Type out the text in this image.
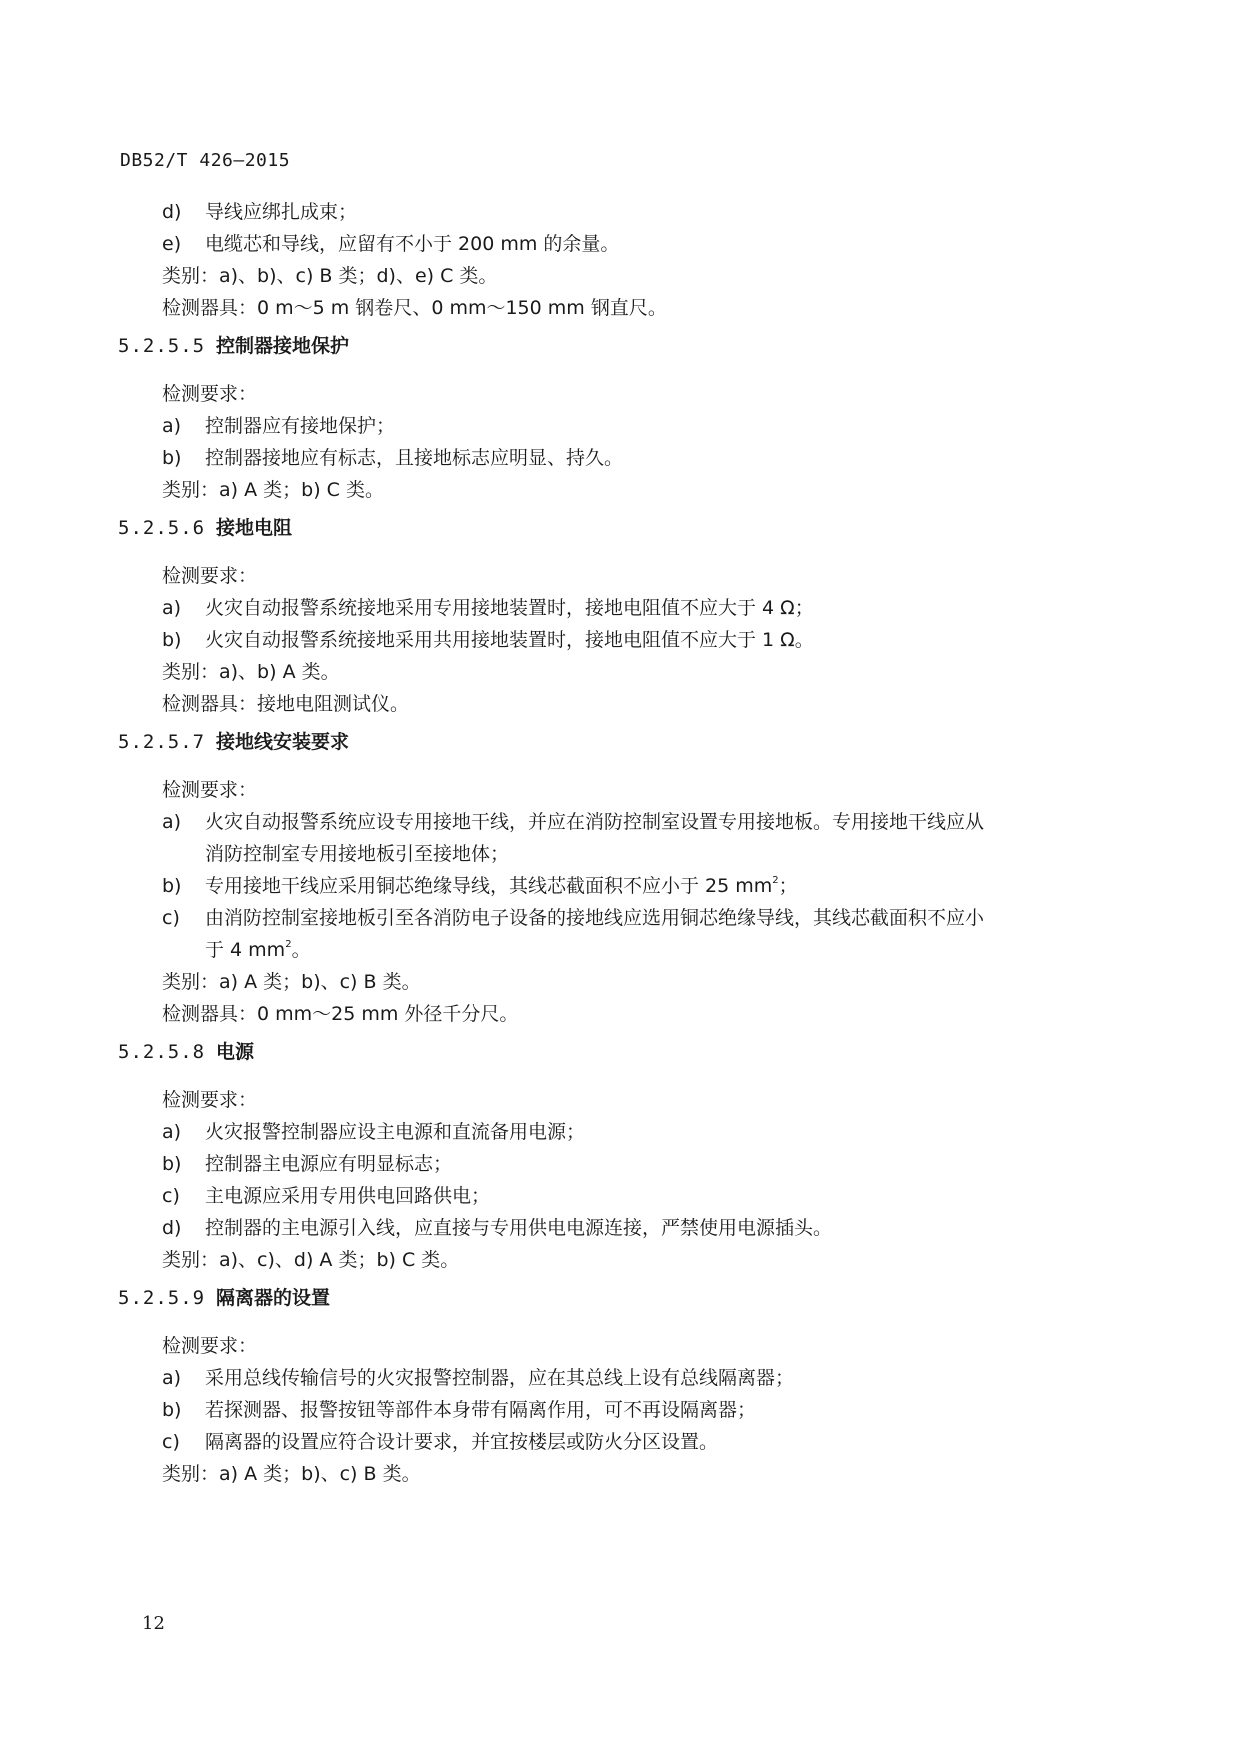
DB52/T 426—2015
d)	导线应绑扎成束；
e)	电缆芯和导线，应留有不小于 200 mm 的余量。
类别：a)、b)、c) B 类；d)、e) C 类。
检测器具：0 m～5 m 钢卷尺、0 mm～150 mm 钢直尺。
5.2.5.5 控制器接地保护
检测要求：
a)	控制器应有接地保护；
b)	控制器接地应有标志，且接地标志应明显、持久。
类别：a) A 类；b) C 类。
5.2.5.6 接地电阻
检测要求：
a)	火灾自动报警系统接地采用专用接地装置时，接地电阻值不应大于 4 Ω；
b)	火灾自动报警系统接地采用共用接地装置时，接地电阻值不应大于 1 Ω。
类别：a)、b) A 类。
检测器具：接地电阻测试仪。
5.2.5.7 接地线安装要求
检测要求：
a)	火灾自动报警系统应设专用接地干线，并应在消防控制室设置专用接地板。专用接地干线应从
消防控制室专用接地板引至接地体；
b)	专用接地干线应采用铜芯绝缘导线，其线芯截面积不应小于 25 $mm^2$；
c)	由消防控制室接地板引至各消防电子设备的接地线应选用铜芯绝缘导线，其线芯截面积不应小
于 4 $mm^2$。
类别：a) A 类；b)、c) B 类。
检测器具：0 mm～25 mm 外径千分尺。
5.2.5.8 电源
检测要求：
a)	火灾报警控制器应设主电源和直流备用电源；
b)	控制器主电源应有明显标志；
c)	主电源应采用专用供电回路供电；
d)	控制器的主电源引入线，应直接与专用供电电源连接，严禁使用电源插头。
类别：a)、c)、d) A 类；b) C 类。
5.2.5.9 隔离器的设置
检测要求：
a)	采用总线传输信号的火灾报警控制器，应在其总线上设有总线隔离器；
b)	若探测器、报警按钮等部件本身带有隔离作用，可不再设隔离器；
c)	隔离器的设置应符合设计要求，并宜按楼层或防火分区设置。
类别：a) A 类；b)、c) B 类。
12
